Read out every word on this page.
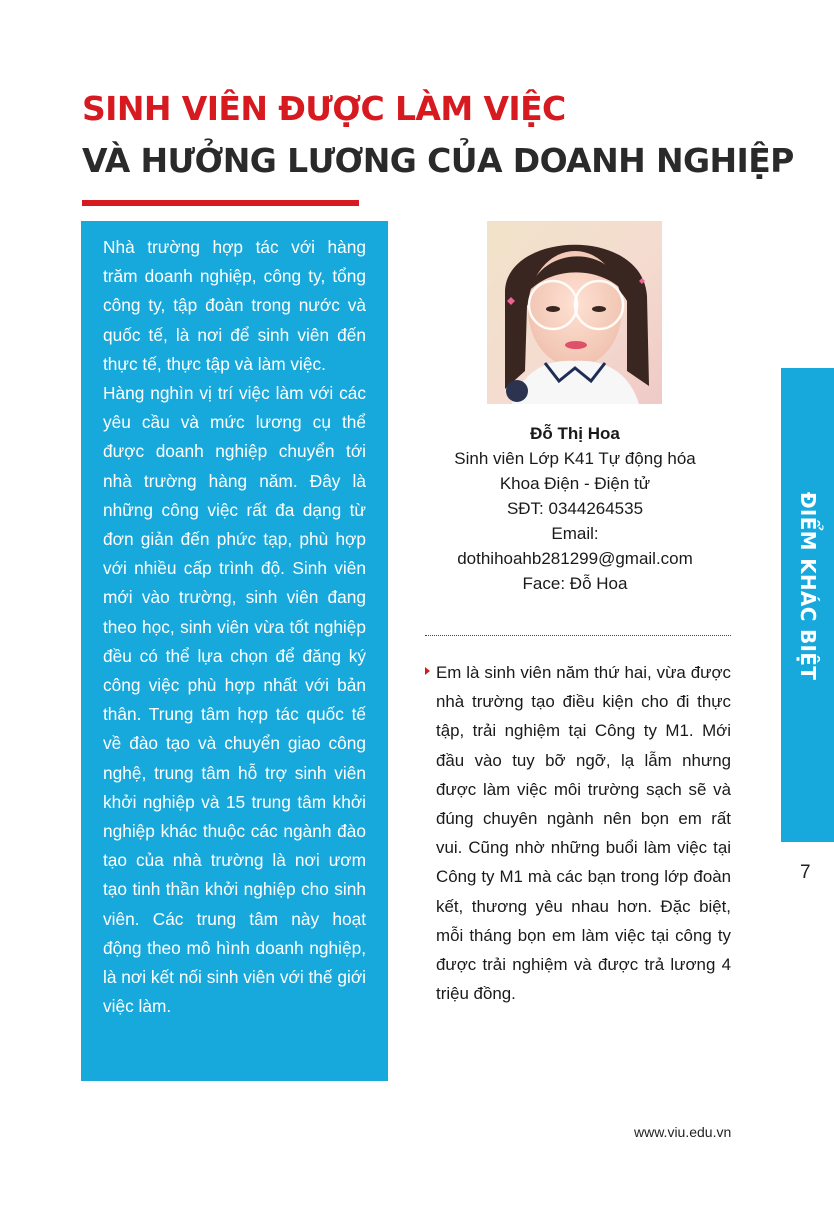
SINH VIÊN ĐƯỢC LÀM VIỆC
VÀ HƯỞNG LƯƠNG CỦA DOANH NGHIỆP

Nhà trường hợp tác với hàng trăm doanh nghiệp, công ty, tổng công ty, tập đoàn trong nước và quốc tế, là nơi để sinh viên đến thực tế, thực tập và làm việc.

Hàng nghìn vị trí việc làm với các yêu cầu và mức lương cụ thể được doanh nghiệp chuyển tới nhà trường hàng năm. Đây là những công việc rất đa dạng từ đơn giản đến phức tạp, phù hợp với nhiều cấp trình độ. Sinh viên mới vào trường, sinh viên đang theo học, sinh viên vừa tốt nghiệp đều có thể lựa chọn để đăng ký công việc phù hợp nhất với bản thân. Trung tâm hợp tác quốc tế về đào tạo và chuyển giao công nghệ, trung tâm hỗ trợ sinh viên khởi nghiệp và 15 trung tâm khởi nghiệp khác thuộc các ngành đào tạo của nhà trường là nơi ươm tạo tinh thần khởi nghiệp cho sinh viên. Các trung tâm này hoạt động theo mô hình doanh nghiệp, là nơi kết nối sinh viên với thế giới việc làm.

Đỗ Thị Hoa
Sinh viên Lớp K41 Tự động hóa
Khoa Điện - Điện tử
SĐT: 0344264535
Email:
dothihoahb281299@gmail.com
Face: Đỗ Hoa

Em là sinh viên năm thứ hai, vừa được nhà trường tạo điều kiện cho đi thực tập, trải nghiệm tại Công ty M1. Mới đầu vào tuy bỡ ngỡ, lạ lẫm nhưng được làm việc môi trường sạch sẽ và đúng chuyên ngành nên bọn em rất vui. Cũng nhờ những buổi làm việc tại Công ty M1 mà các bạn trong lớp đoàn kết, thương yêu nhau hơn. Đặc biệt, mỗi tháng bọn em làm việc tại công ty được trải nghiệm và được trả lương 4 triệu đồng.

ĐIỂM KHÁC BIỆT
7
www.viu.edu.vn
